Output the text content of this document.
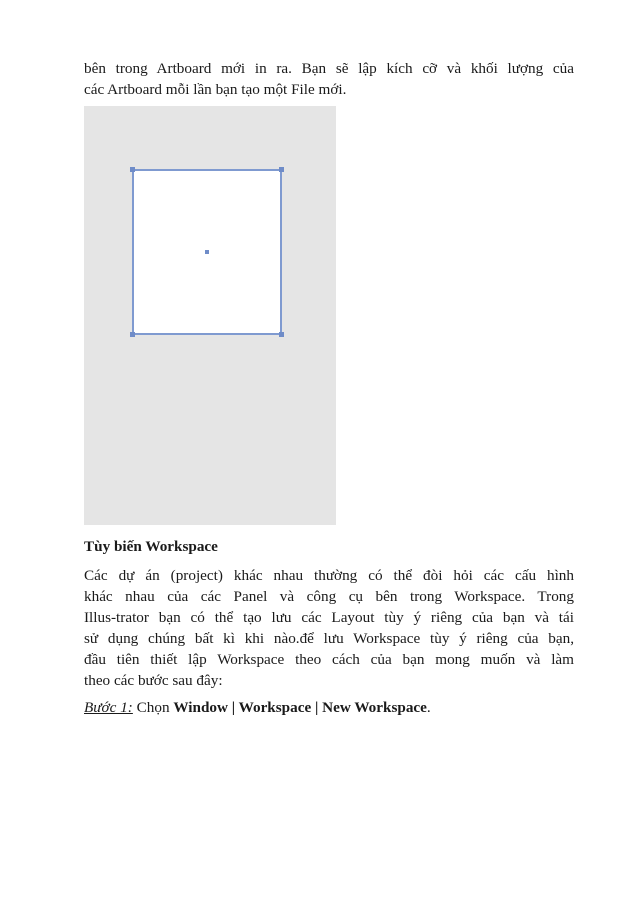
bên trong Artboard mới in ra. Bạn sẽ lập kích cỡ và khối lượng của
các Artboard mỗi lần bạn tạo một File mới.

Tùy biến Workspace

Các dự án (project) khác nhau thường có thể đòi hỏi các cấu hình
khác nhau của các Panel và công cụ bên trong Workspace. Trong
Illus-trator bạn có thể tạo lưu các Layout tùy ý riêng của bạn và tái
sử dụng chúng bất kì khi nào.để lưu Workspace tùy ý riêng của bạn,
đầu tiên thiết lập Workspace theo cách của bạn mong muốn và làm
theo các bước sau đây:

Bước 1: Chọn Window | Workspace | New Workspace.
